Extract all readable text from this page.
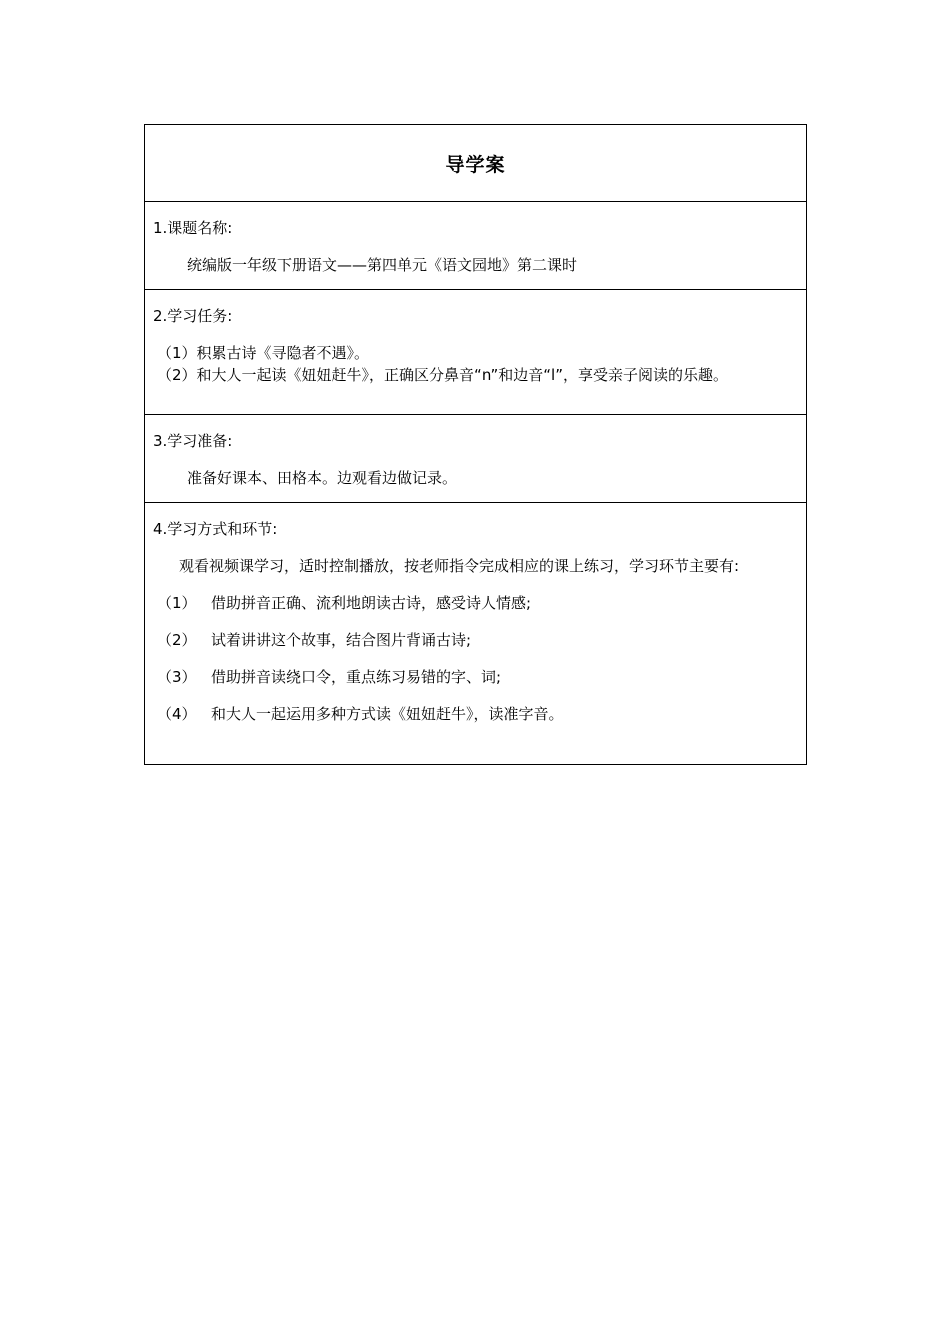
导学案
1.课题名称:
统编版一年级下册语文——第四单元《语文园地》第二课时
2.学习任务:
（1）积累古诗《寻隐者不遇》。
（2）和大人一起读《妞妞赶牛》，正确区分鼻音“n”和边音“l”，享受亲子阅读的乐趣。
3.学习准备:
准备好课本、田格本。边观看边做记录。
4.学习方式和环节:
观看视频课学习，适时控制播放，按老师指令完成相应的课上练习，学习环节主要有:
（1） 借助拼音正确、流利地朗读古诗，感受诗人情感;
（2） 试着讲讲这个故事，结合图片背诵古诗;
（3） 借助拼音读绕口令，重点练习易错的字、词;
（4） 和大人一起运用多种方式读《妞妞赶牛》，读准字音。
